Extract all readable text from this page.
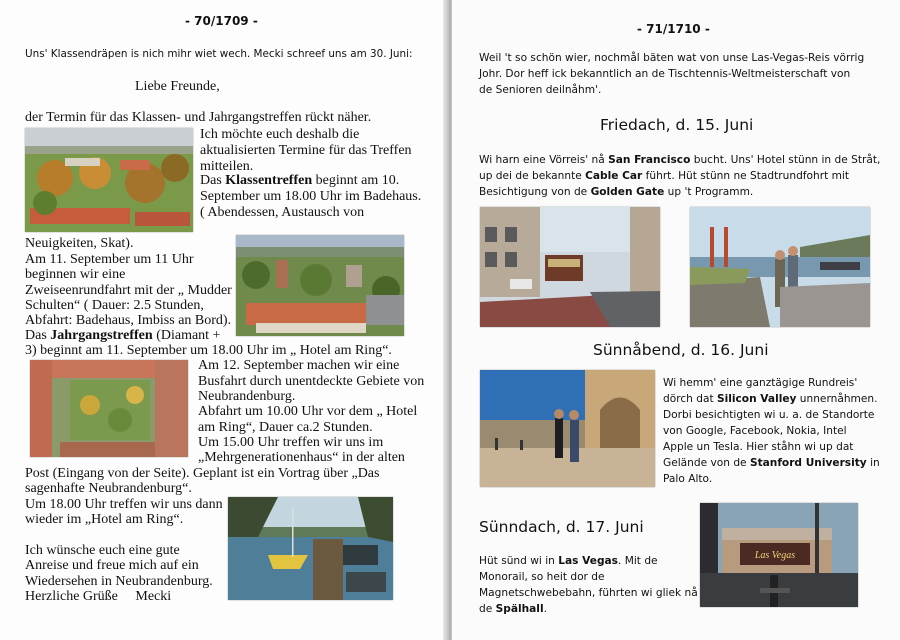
- 70/1709 -

Uns' Klassendräpen is nich mihr wiet wech. Mecki schreef uns am 30. Juni:

Liebe Freunde,

der Termin für das Klassen- und Jahrgangstreffen rückt näher.

Ich möchte euch deshalb die

aktualisierten Termine für das Treffen

mitteilen.

Das Klassentreffen beginnt am 10.

September um 18.00 Uhr im Badehaus.

( Abendessen, Austausch von

Neuigkeiten, Skat).

Am 11. September um 11 Uhr

beginnen wir eine

Zweiseenrundfahrt mit der „ Mudder

Schulten“ ( Dauer: 2.5 Stunden,

Abfahrt: Badehaus, Imbiss an Bord).

Das Jahrgangstreffen (Diamant +

3) beginnt am 11. September um 18.00 Uhr im „ Hotel am Ring“.

Am 12. September machen wir eine

Busfahrt durch unentdeckte Gebiete von

Neubrandenburg.

Abfahrt um 10.00 Uhr vor dem „ Hotel

am Ring“, Dauer ca.2 Stunden.

Um 15.00 Uhr treffen wir uns im

„Mehrgenerationenhaus“ in der alten

Post (Eingang von der Seite). Geplant ist ein Vortrag über „Das

sagenhafte Neubrandenburg“.

Um 18.00 Uhr treffen wir uns dann

wieder im „Hotel am Ring“.

Ich wünsche euch eine gute

Anreise und freue mich auf ein

Wiedersehen in Neubrandenburg.

Herzliche Grüße     Mecki

- 71/1710 -

Weil 't so schön wier, nochmål bäten wat von unse Las-Vegas-Reis vörrig

Johr. Dor heff ick bekanntlich an de Tischtennis-Weltmeisterschaft von

de Senioren deilnåhm'.

Friedach, d. 15. Juni

Wi harn eine Vörreis' nå San Francisco bucht. Uns' Hotel stünn in de Stråt,

up dei de bekannte Cable Car führt. Hüt stünn ne Stadtrundfohrt mit

Besichtigung von de Golden Gate up 't Programm.

Sünnåbend, d. 16. Juni

Wi hemm' eine ganztägige Rundreis'

dörch dat Silicon Valley unnernåhmen.

Dorbi besichtigten wi u. a. de Standorte

von Google, Facebook, Nokia, Intel

Apple un Tesla. Hier ståhn wi up dat

Gelände von de Stanford University in

Palo Alto.

Sünndach, d. 17. Juni

Hüt sünd wi in Las Vegas. Mit de

Monorail, so heit dor de

Magnetschwebebahn, führten wi gliek nå

de Spälhall.

Las Vegas
